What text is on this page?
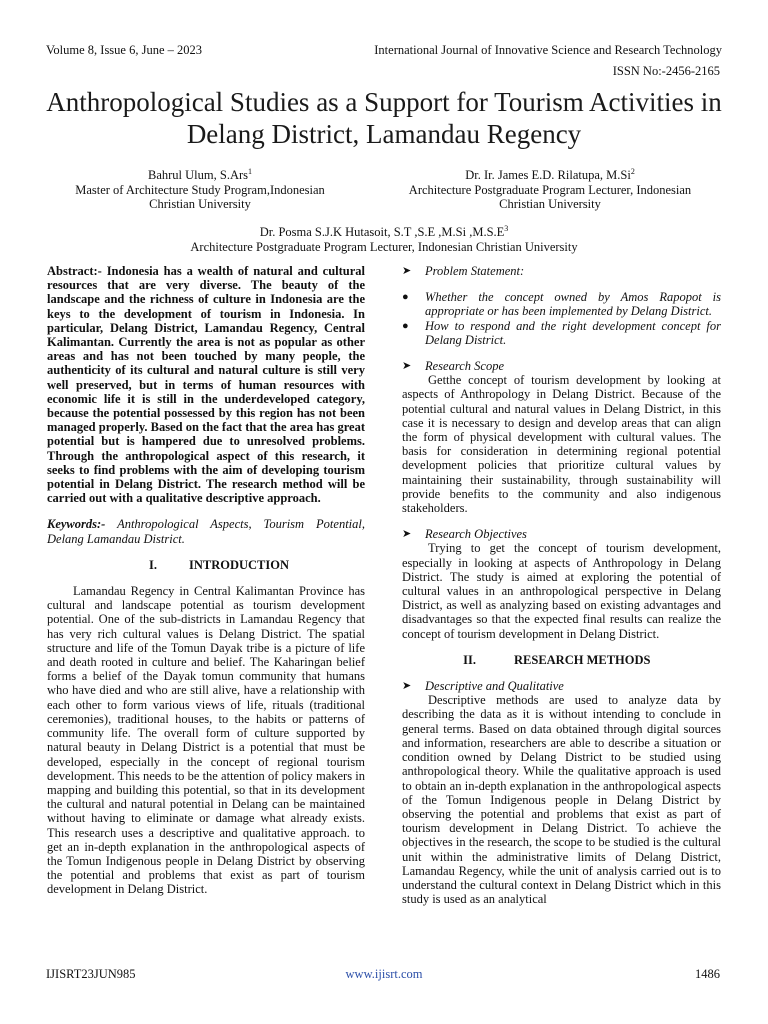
Volume 8, Issue 6, June – 2023	International Journal of Innovative Science and Research Technology
ISSN No:-2456-2165
Anthropological Studies as a Support for Tourism Activities in Delang District, Lamandau Regency
Bahrul Ulum, S.Ars$^1$
Master of Architecture Study Program,Indonesian
Christian University
Dr. Ir. James E.D. Rilatupa, M.Si$^2$
Architecture Postgraduate Program Lecturer, Indonesian
Christian University
Dr. Posma S.J.K Hutasoit, S.T ,S.E ,M.Si $,M.S.E^3$
Architecture Postgraduate Program Lecturer, Indonesian Christian University

Abstract:- Indonesia has a wealth of natural and cultural resources that are very diverse. The beauty of the landscape and the richness of culture in Indonesia are the keys to the development of tourism in Indonesia. In particular, Delang District, Lamandau Regency, Central Kalimantan. Currently the area is not as popular as other areas and has not been touched by many people, the authenticity of its cultural and natural culture is still very well preserved, but in terms of human resources with economic life it is still in the underdeveloped category, because the potential possessed by this region has not been managed properly. Based on the fact that the area has great potential but is hampered due to unresolved problems. Through the anthropological aspect of this research, it seeks to find problems with the aim of developing tourism potential in Delang District. The research method will be carried out with a qualitative descriptive approach.

Keywords:- Anthropological Aspects, Tourism Potential, Delang Lamandau District.

I.	INTRODUCTION

Lamandau Regency in Central Kalimantan Province has cultural and landscape potential as tourism development potential. One of the sub-districts in Lamandau Regency that has very rich cultural values is Delang District. The spatial structure and life of the Tomun Dayak tribe is a picture of life and death rooted in culture and belief. The Kaharingan belief forms a belief of the Dayak tomun community that humans who have died and who are still alive, have a relationship with each other to form various views of life, rituals (traditional ceremonies), traditional houses, to the habits or patterns of community life. The overall form of culture supported by natural beauty in Delang District is a potential that must be developed, especially in the concept of regional tourism development. This needs to be the attention of policy makers in mapping and building this potential, so that in its development the cultural and natural potential in Delang can be maintained without having to eliminate or damage what already exists. This research uses a descriptive and qualitative approach. to get an in-depth explanation in the anthropological aspects of the Tomun Indigenous people in Delang District by observing the potential and problems that exist as part of tourism development in Delang District.

➤	Problem Statement:
●	Whether the concept owned by Amos Rapopot is appropriate or has been implemented by Delang District.
●	How to respond and the right development concept for Delang District.
➤	Research Scope

Getthe concept of tourism development by looking at aspects of Anthropology in Delang District. Because of the potential cultural and natural values in Delang District, in this case it is necessary to design and develop areas that can align the form of physical development with cultural values. The basis for consideration in determining regional potential development policies that prioritize cultural values by maintaining their sustainability, through sustainability will provide benefits to the community and also indigenous stakeholders.

➤	Research Objectives

Trying to get the concept of tourism development, especially in looking at aspects of Anthropology in Delang District. The study is aimed at exploring the potential of cultural values in an anthropological perspective in Delang District, as well as analyzing based on existing advantages and disadvantages so that the expected final results can realize the concept of tourism development in Delang District.

II.	RESEARCH METHODS
➤	Descriptive and Qualitative

Descriptive methods are used to analyze data by describing the data as it is without intending to conclude in general terms. Based on data obtained through digital sources and information, researchers are able to describe a situation or condition owned by Delang District to be studied using anthropological theory. While the qualitative approach is used to obtain an in-depth explanation in the anthropological aspects of the Tomun Indigenous people in Delang District by observing the potential and problems that exist as part of tourism development in Delang District. To achieve the objectives in the research, the scope to be studied is the cultural unit within the administrative limits of Delang District, Lamandau Regency, while the unit of analysis carried out is to understand the cultural context in Delang District which in this study is used as an analytical

IJISRT23JUN985	www.ijisrt.com	1486
